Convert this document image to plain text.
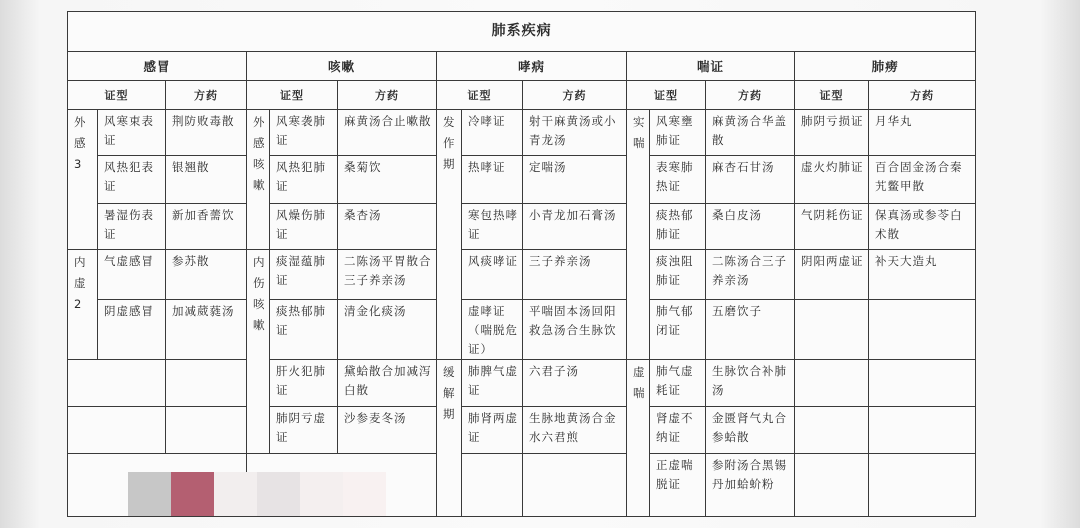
肺系疾病													
感冒			咳嗽			哮病			喘证			肺痨	
证型		方药	证型		方药	证型		方药	证型		方药	证型	方药
外感3	风寒束表证	荆防败毒散	外感咳嗽	风寒袭肺证	麻黄汤合止嗽散	发作期	冷哮证	射干麻黄汤或小青龙汤	实喘	风寒壅肺证	麻黄汤合华盖散	肺阴亏损证	月华丸
	风热犯表证	银翘散		风热犯肺证	桑菊饮		热哮证	定喘汤		表寒肺热证	麻杏石甘汤	虚火灼肺证	百合固金汤合秦艽鳖甲散
	暑湿伤表证	新加香薷饮		风燥伤肺证	桑杏汤		寒包热哮证	小青龙加石膏汤		痰热郁肺证	桑白皮汤	气阴耗伤证	保真汤或参苓白术散
内虚2	气虚感冒	参苏散	内伤咳嗽	痰湿蕴肺证	二陈汤平胃散合三子养亲汤		风痰哮证	三子养亲汤		痰浊阻肺证	二陈汤合三子养亲汤	阴阳两虚证	补天大造丸
	阴虚感冒	加减葳蕤汤		痰热郁肺证	清金化痰汤		虚哮证（喘脱危证）	平喘固本汤回阳救急汤合生脉饮		肺气郁闭证	五磨饮子		
				肝火犯肺证	黛蛤散合加减泻白散	缓解期	肺脾气虚证	六君子汤	虚喘	肺气虚耗证	生脉饮合补肺汤		
				肺阴亏虚证	沙参麦冬汤		肺肾两虚证	生脉地黄汤合金水六君煎		肾虚不纳证	金匮肾气丸合参蛤散		
										正虚喘脱证	参附汤合黑锡丹加蛤蚧粉		
